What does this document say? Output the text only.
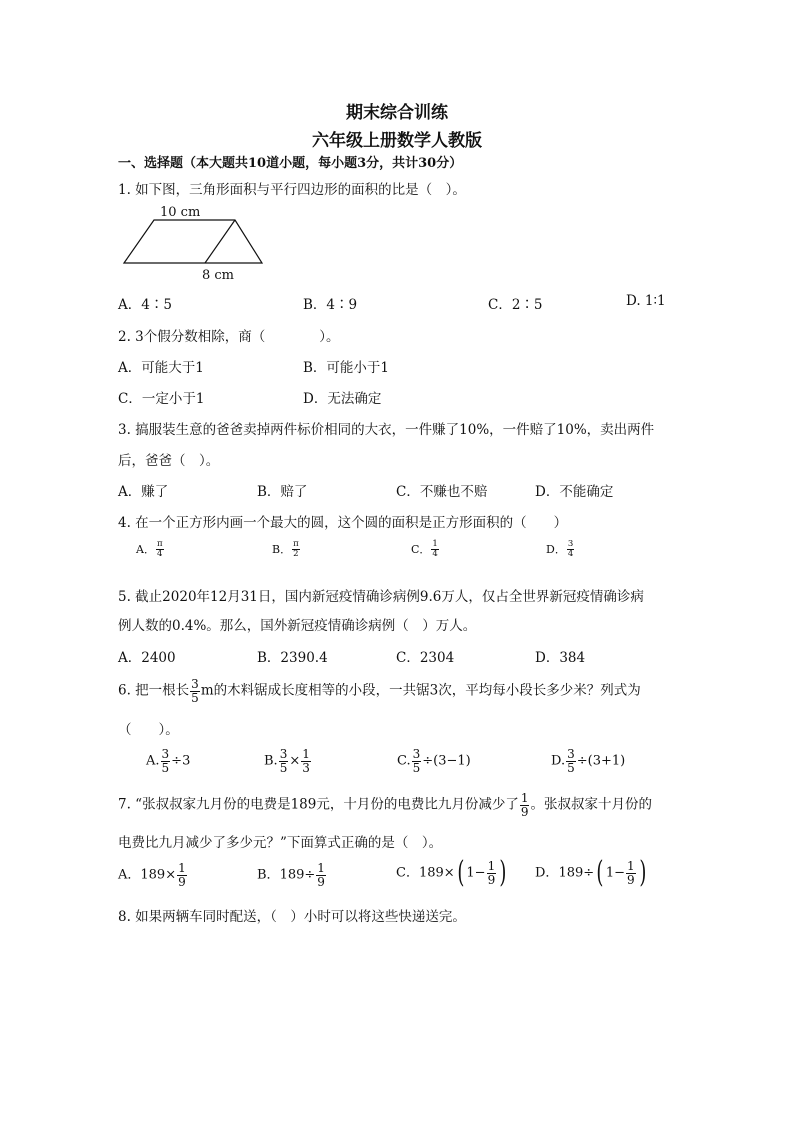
期末综合训练
六年级上册数学人教版
一、选择题（本大题共10道小题，每小题3分，共计30分）
1. 如下图，三角形面积与平行四边形的面积的比是（　）。
10 cm
8 cm
A．4∶5	B．4∶9	C．2∶5	D. 1∶1
2. 3个假分数相除，商（　　　　）。
A．可能大于1	B．可能小于1
C．一定小于1	D．无法确定
3. 搞服装生意的爸爸卖掉两件标价相同的大衣，一件赚了10%，一件赔了10%，卖出两件
后，爸爸（　）。
A．赚了	B．赔了	C．不赚也不赔	D．不能确定
4. 在一个正方形内画一个最大的圆，这个圆的面积是正方形面积的（　　）
A． $\frac{\pi}{4}$	B． $\frac{\pi}{2}$	C． $\frac{1}{4}$	D． $\frac{3}{4}$
5. 截止2020年12月31日，国内新冠疫情确诊病例9.6万人，仅占全世界新冠疫情确诊病
例人数的0.4%。那么，国外新冠疫情确诊病例（　）万人。
A．2400	B．2390.4	C．2304	D．384
6. 把一根长 $\frac{3}{5}$ m的木料锯成长度相等的小段，一共锯3次，平均每小段长多少米？列式为
（　　）。
A. $\frac{3}{5} \div 3$	B. $\frac{3}{5} \times \frac{1}{3}$	C. $\frac{3}{5} \div(3-1)$	D. $\frac{3}{5} \div(3+1)$
7. “张叔叔家九月份的电费是189元，十月份的电费比九月份减少了 $\frac{1}{9}$ 。张叔叔家十月份的
电费比九月减少了多少元？”下面算式正确的是（　）。
A．$189\times \frac{1}{9}$	B．$189\div \frac{1}{9}$	C．189×( $1- \frac{1}{9}$ ) D．189÷( $1- \frac{1}{9}$ )
8. 如果两辆车同时配送，（　）小时可以将这些快递送完。
